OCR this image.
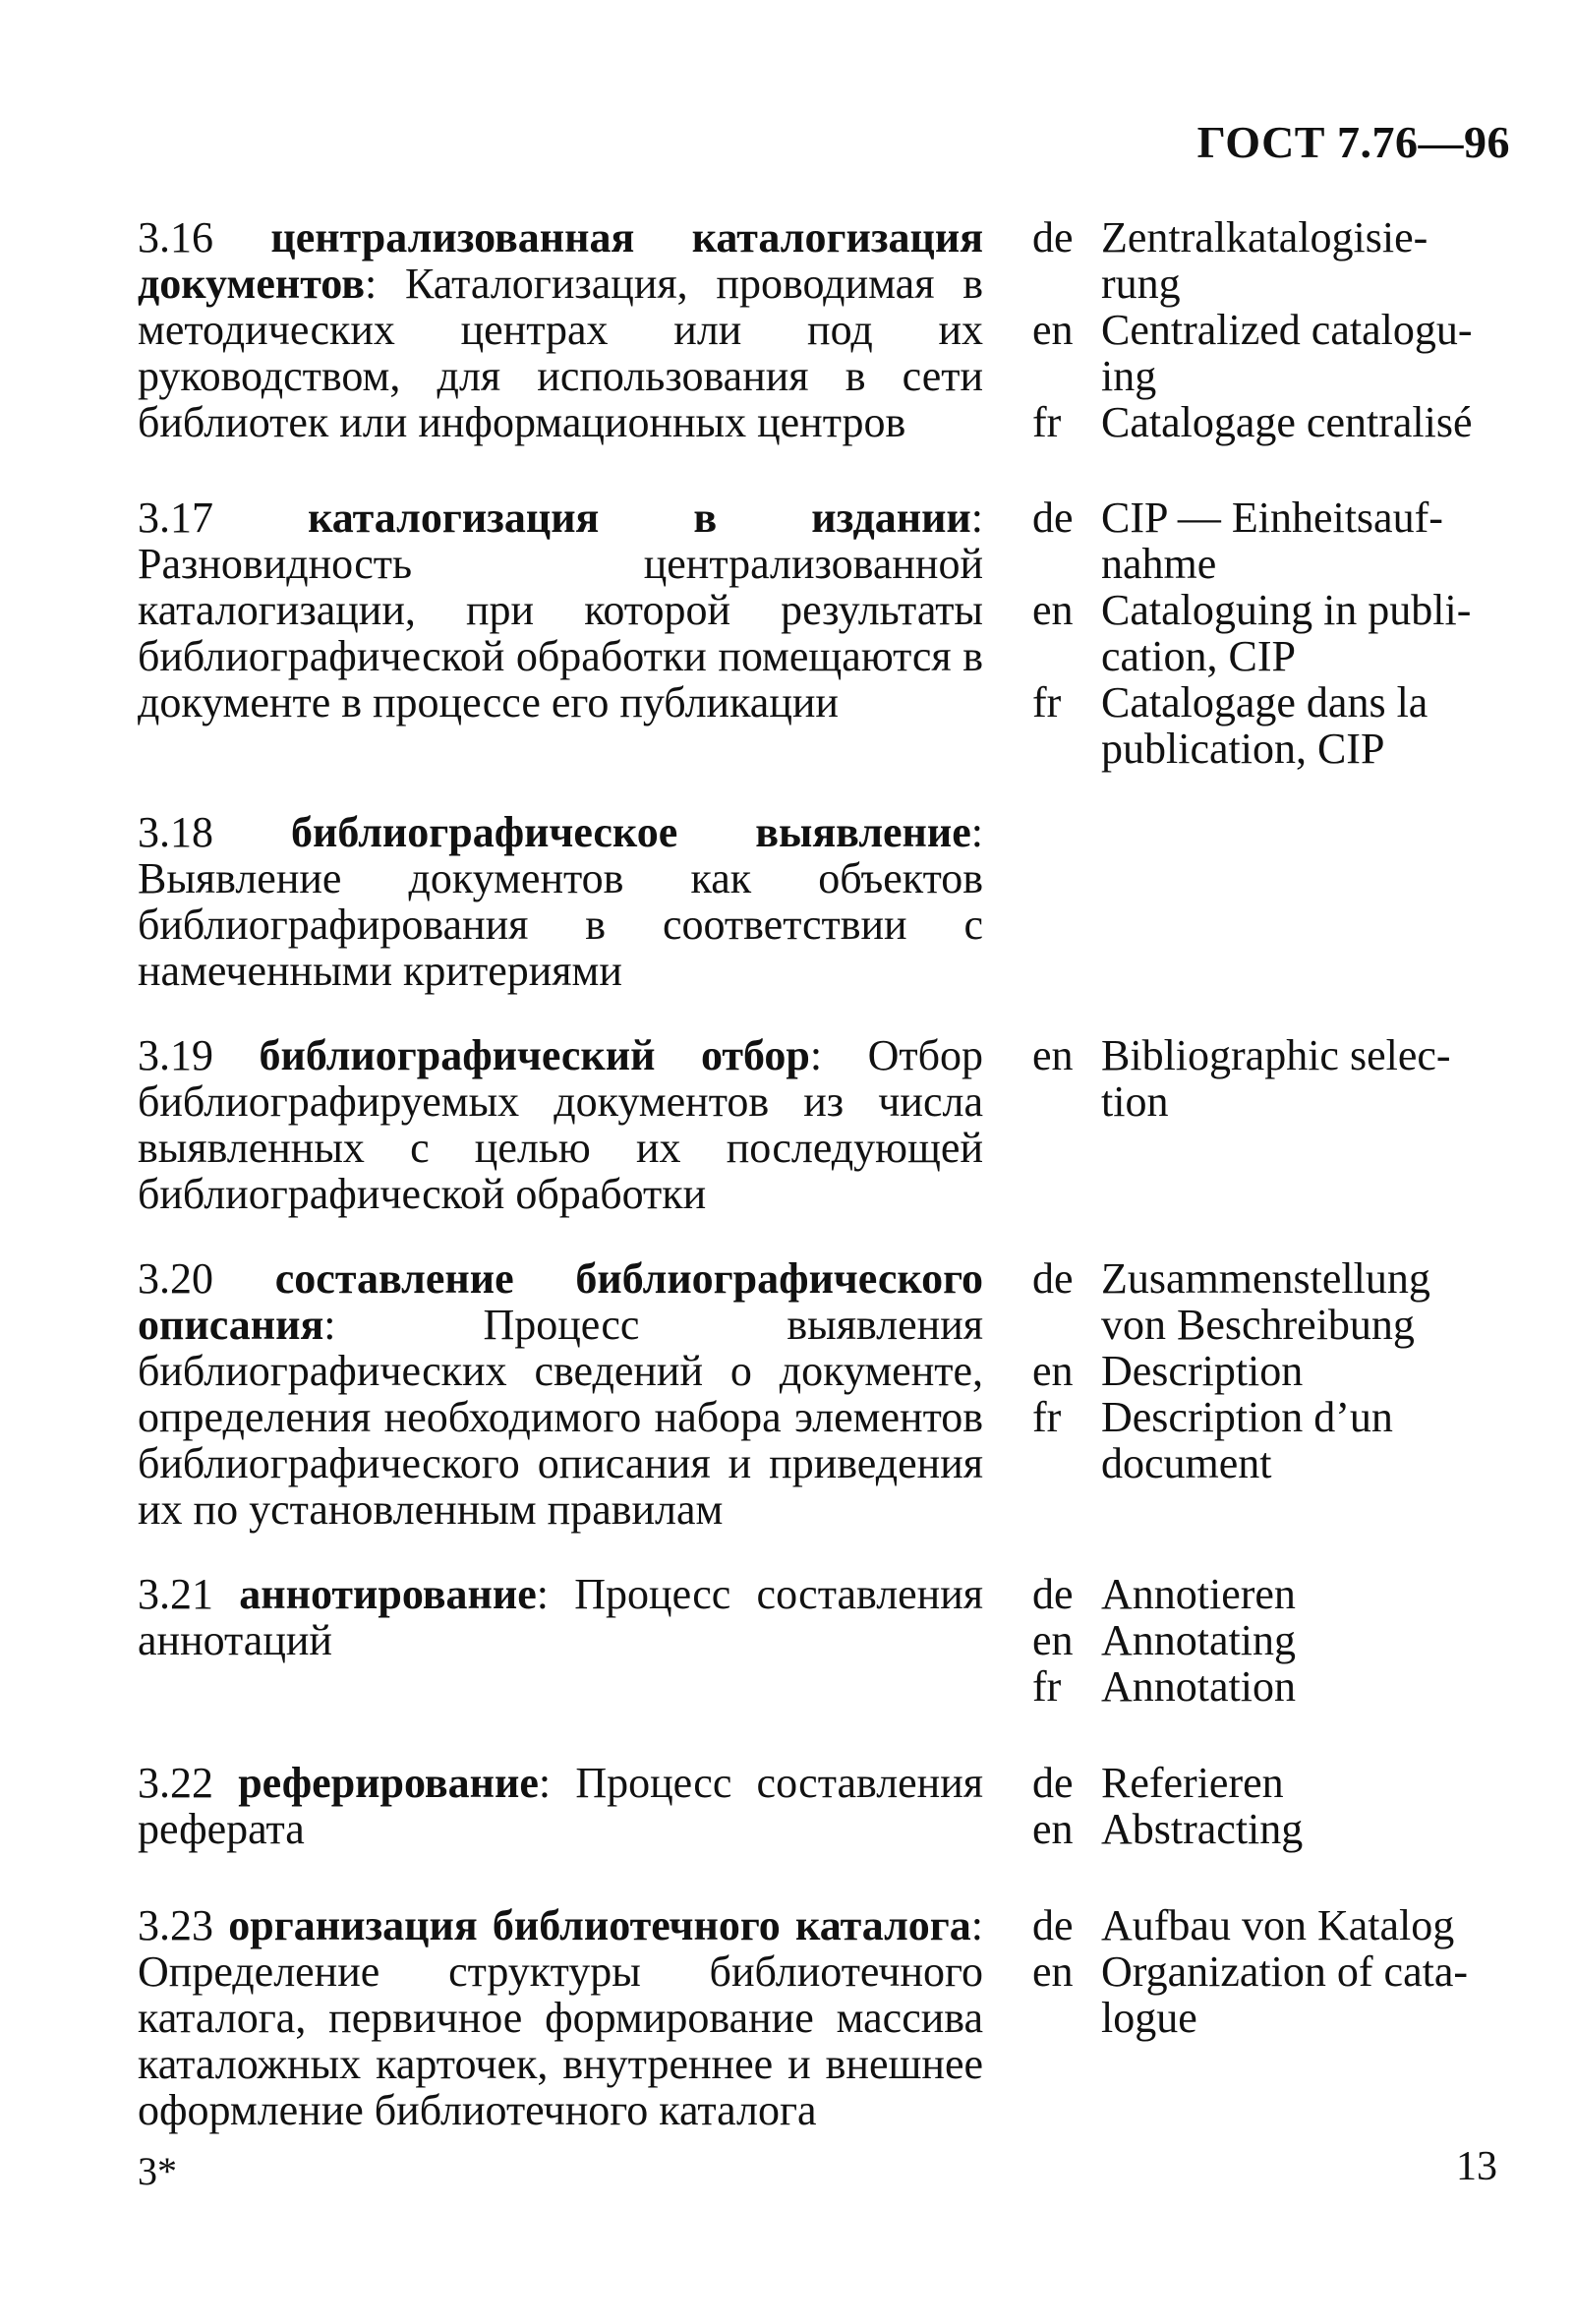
ГОСТ 7.76—96
3.16 централизованная каталогизация документов: Каталогизация, проводимая в методических центрах или под их руководством, для использования в сети библиотек или информационных центров
de Zentralkatalogisie-
rung
en Centralized catalogu-
ing
fr Catalogage centralisé
3.17 каталогизация в издании: Разновидность централизованной каталогизации, при которой результаты библиографической обработки помещаются в документе в процессе его публикации
de CIP — Einheitsauf-
nahme
en Cataloguing in publi-
cation, CIP
fr Catalogage dans la
publication, CIP
3.18 библиографическое выявление: Выявление документов как объектов библиографирования в соответствии с намеченными критериями
3.19 библиографический отбор: Отбор библиографируемых документов из числа выявленных с целью их последующей библиографической обработки
en Bibliographic selec-
tion
3.20 составление библиографического описания: Процесс выявления библиографических сведений о документе, определения необходимого набора элементов библиографического описания и приведения их по установленным правилам
de Zusammenstellung
von Beschreibung
en Description
fr Description d’un
document
3.21 аннотирование: Процесс составления аннотаций
de Annotieren
en Annotating
fr Annotation
3.22 реферирование: Процесс составления реферата
de Referieren
en Abstracting
3.23 организация библиотечного каталога: Определение структуры библиотечного каталога, первичное формирование массива каталожных карточек, внутреннее и внешнее оформление библиотечного каталога
de Aufbau von Katalog
en Organization of cata-
logue
3*	13
